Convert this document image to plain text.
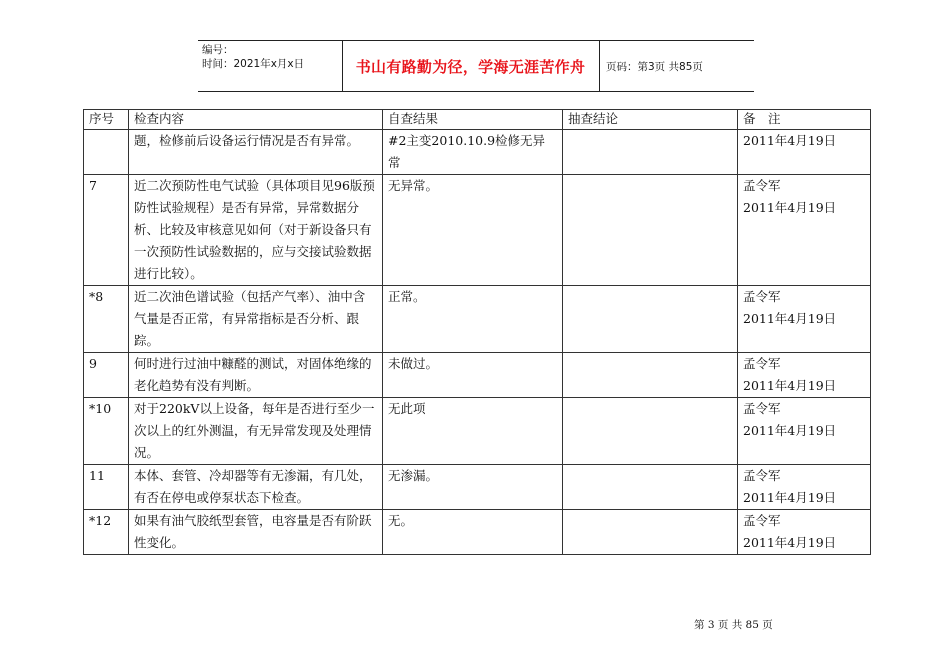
编号：
时间：2021年x月x日	书山有路勤为径，学海无涯苦作舟	页码：第3页 共85页
序号	检查内容	自查结果	抽查结论	备　注
	题，检修前后设备运行情况是否有异常。	#2主变2010.10.9检修无异常		2011年4月19日

7	近二次预防性电气试验（具体项目见96版预防性试验规程）是否有异常，异常数据分析、比较及审核意见如何（对于新设备只有一次预防性试验数据的，应与交接试验数据进行比较）。	无异常。		孟令军
2011年4月19日

*8	近二次油色谱试验（包括产气率）、油中含气量是否正常，有异常指标是否分析、跟踪。	正常。		孟令军
2011年4月19日

9	何时进行过油中糠醛的测试，对固体绝缘的老化趋势有没有判断。	未做过。		孟令军
2011年4月19日

*10	对于220kV以上设备，每年是否进行至少一次以上的红外测温，有无异常发现及处理情况。	无此项		孟令军
2011年4月19日

11	本体、套管、冷却器等有无渗漏，有几处，有否在停电或停泵状态下检查。	无渗漏。		孟令军
2011年4月19日

*12	如果有油气胶纸型套管，电容量是否有阶跃性变化。	无。		孟令军
2011年4月19日
第 3 页 共 85 页
